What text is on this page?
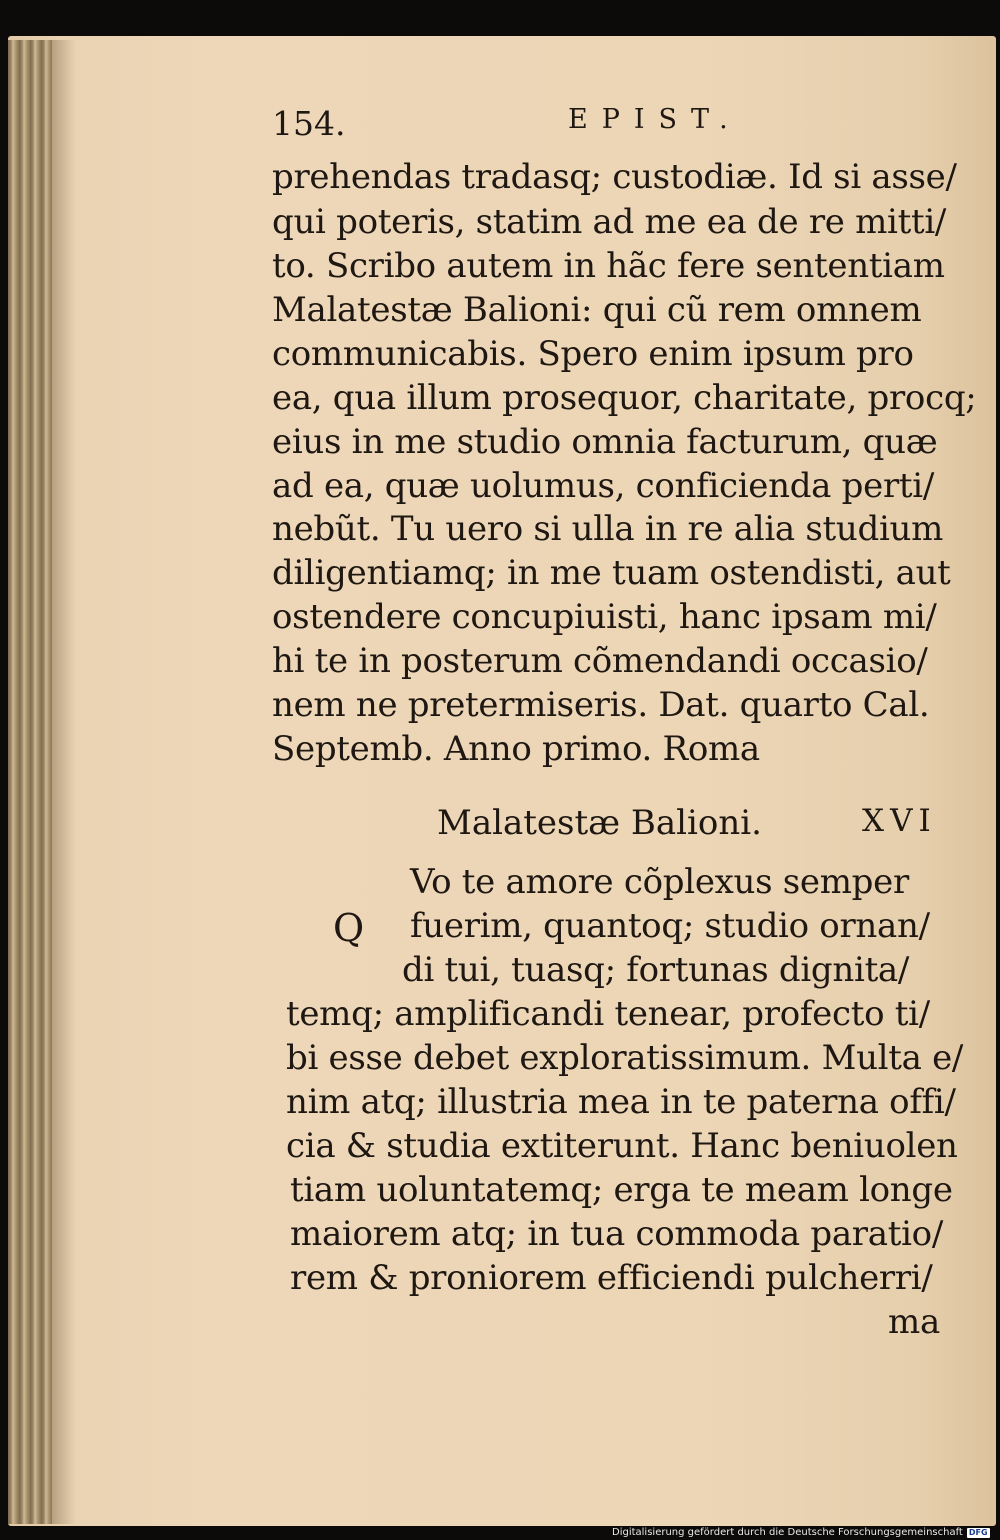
154.	EPIST.
prehendas tradasq; custodiæ. Id si asse/
qui poteris, statim ad me ea de re mitti/
to. Scribo autem in hãc fere sententiam
Malatestæ Balioni: qui cũ rem omnem
communicabis. Spero enim ipsum pro
ea, qua illum prosequor, charitate, procq;
eius in me studio omnia facturum, quæ
ad ea, quæ uolumus, conficienda perti/
nebũt. Tu uero si ulla in re alia studium
diligentiamq; in me tuam ostendisti, aut
ostendere concupiuisti, hanc ipsam mi/
hi te in posterum cõmendandi occasio/
nem ne pretermiseris. Dat. quarto Cal.
Septemb. Anno primo. Roma
Malatestæ Balioni.	XVI
Q
Vo te amore cõplexus semper
fuerim, quantoq; studio ornan/
di tui, tuasq; fortunas dignita/
temq; amplificandi tenear, profecto ti/
bi esse debet exploratissimum. Multa e/
nim atq; illustria mea in te paterna offi/
cia & studia extiterunt. Hanc beniuolen
tiam uoluntatemq; erga te meam longe
maiorem atq; in tua commoda paratio/
rem & proniorem efficiendi pulcherri/
ma
Digitalisierung gefördert durch die Deutsche Forschungsgemeinschaft DFG
